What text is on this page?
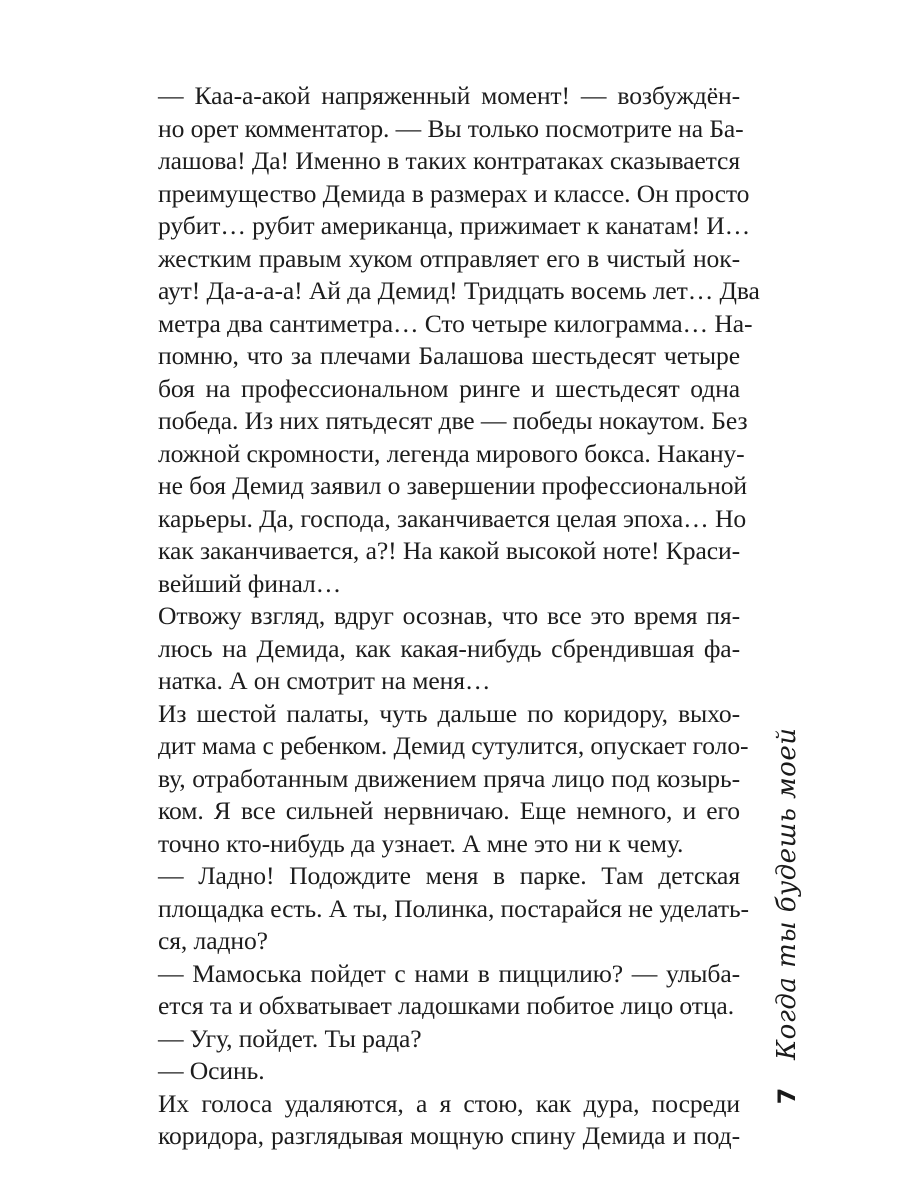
— Каа-а-акой напряженный момент! — возбуждён-
но орет комментатор. — Вы только посмотрите на Ба-
лашова! Да! Именно в таких контратаках сказывается
преимущество Демида в размерах и классе. Он просто
рубит… рубит американца, прижимает к канатам! И…
жестким правым хуком отправляет его в чистый нок-
аут! Да-а-а-а! Ай да Демид! Тридцать восемь лет… Два
метра два сантиметра… Сто четыре килограмма… На-
помню, что за плечами Балашова шестьдесят четыре
боя на профессиональном ринге и шестьдесят одна
победа. Из них пятьдесят две — победы нокаутом. Без
ложной скромности, легенда мирового бокса. Накану-
не боя Демид заявил о завершении профессиональной
карьеры. Да, господа, заканчивается целая эпоха… Но
как заканчивается, а?! На какой высокой ноте! Краси-
вейший финал…

Отвожу взгляд, вдруг осознав, что все это время пя-
люсь на Демида, как какая-нибудь сбрендившая фа-
натка. А он смотрит на меня…

Из шестой палаты, чуть дальше по коридору, выхо-
дит мама с ребенком. Демид сутулится, опускает голо-
ву, отработанным движением пряча лицо под козырь-
ком. Я все сильней нервничаю. Еще немного, и его
точно кто-нибудь да узнает. А мне это ни к чему.

— Ладно! Подождите меня в парке. Там детская
площадка есть. А ты, Полинка, постарайся не уделать-
ся, ладно?

— Мамоська пойдет с нами в пиццилию? — улыба-
ется та и обхватывает ладошками побитое лицо отца.

— Угу, пойдет. Ты рада?

— Осинь.

Их голоса удаляются, а я стою, как дура, посреди
коридора, разглядывая мощную спину Демида и под-

Когда ты будешь моей
7
